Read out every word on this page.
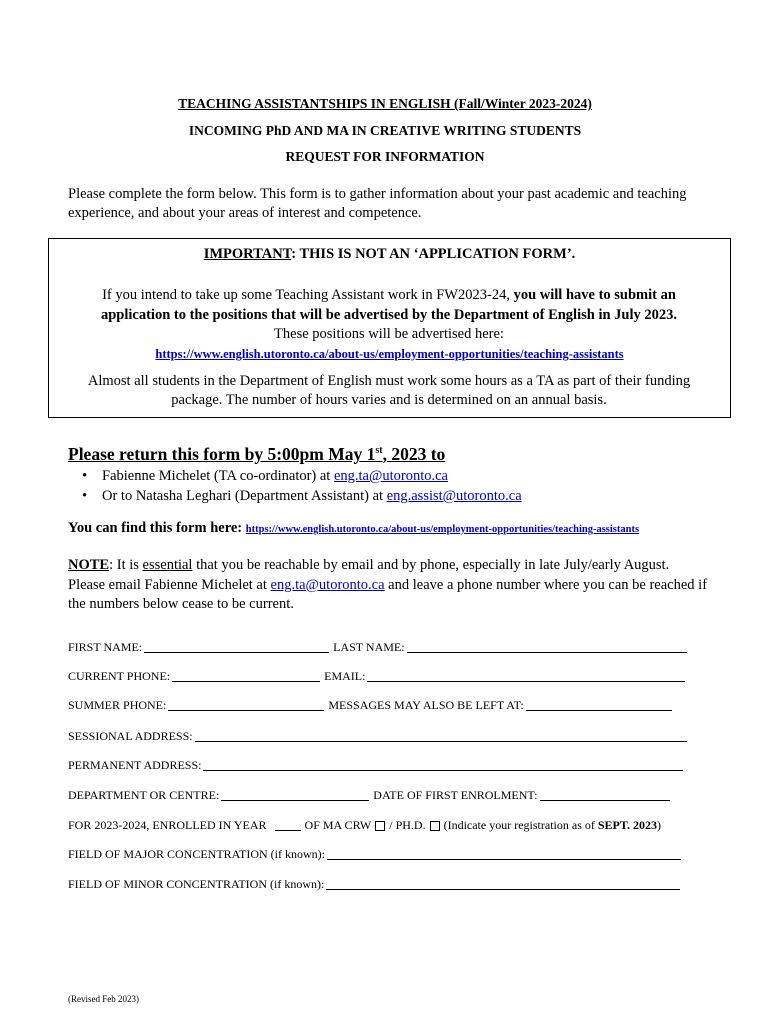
TEACHING ASSISTANTSHIPS IN ENGLISH (Fall/Winter 2023-2024)
INCOMING PhD AND MA IN CREATIVE WRITING STUDENTS
REQUEST FOR INFORMATION
Please complete the form below. This form is to gather information about your past academic and teaching experience, and about your areas of interest and competence.
IMPORTANT: THIS IS NOT AN ‘APPLICATION FORM’.
If you intend to take up some Teaching Assistant work in FW2023-24, you will have to submit an application to the positions that will be advertised by the Department of English in July 2023.
These positions will be advertised here:
https://www.english.utoronto.ca/about-us/employment-opportunities/teaching-assistants
Almost all students in the Department of English must work some hours as a TA as part of their funding package. The number of hours varies and is determined on an annual basis.
Please return this form by 5:00pm May 1st, 2023 to
• Fabienne Michelet (TA co-ordinator) at eng.ta@utoronto.ca
• Or to Natasha Leghari (Department Assistant) at eng.assist@utoronto.ca
You can find this form here: https://www.english.utoronto.ca/about-us/employment-opportunities/teaching-assistants
NOTE: It is essential that you be reachable by email and by phone, especially in late July/early August. Please email Fabienne Michelet at eng.ta@utoronto.ca and leave a phone number where you can be reached if the numbers below cease to be current.
FIRST NAME:	LAST NAME:
CURRENT PHONE:	EMAIL:
SUMMER PHONE:	MESSAGES MAY ALSO BE LEFT AT:
SESSIONAL ADDRESS:
PERMANENT ADDRESS:
DEPARTMENT OR CENTRE:	DATE OF FIRST ENROLMENT:
FOR 2023-2024, ENROLLED IN YEAR	OF MA CRW / PH.D. (Indicate your registration as of SEPT. 2023)
FIELD OF MAJOR CONCENTRATION (if known):
FIELD OF MINOR CONCENTRATION (if known):
(Revised Feb 2023)
